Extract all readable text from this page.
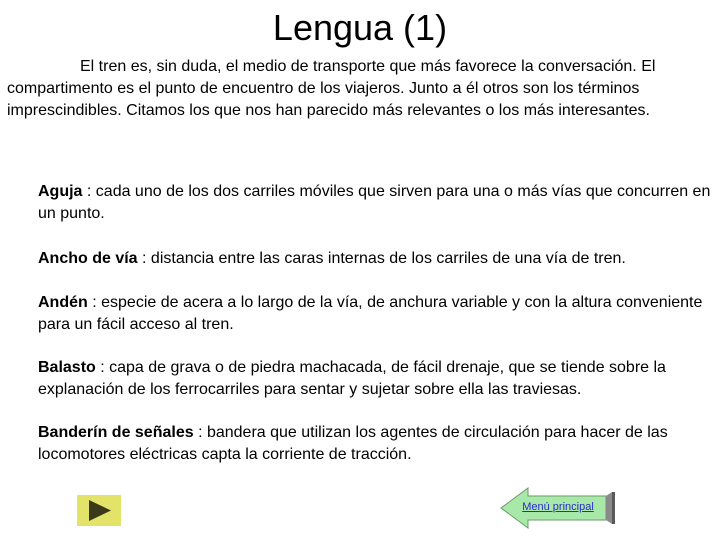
Lengua (1)
El tren es, sin duda, el medio de transporte que más favorece la conversación. El compartimento es el punto de encuentro de los viajeros. Junto a él otros son los términos imprescindibles. Citamos los que nos han parecido más relevantes o los más interesantes.
Aguja : cada uno de los dos carriles móviles que sirven para una o más vías que concurren en un punto.
Ancho de vía : distancia entre las caras internas de los carriles de una vía de tren.
Andén : especie de acera a lo largo de la vía, de anchura variable y con la altura conveniente para un fácil acceso al tren.
Balasto : capa de grava o de piedra machacada, de fácil drenaje, que se tiende sobre la explanación de los ferrocarriles para sentar y sujetar sobre ella las traviesas.
Banderín de señales : bandera que utilizan los agentes de circulación para hacer de las locomotores eléctricas capta la corriente de tracción.
Menú principal
